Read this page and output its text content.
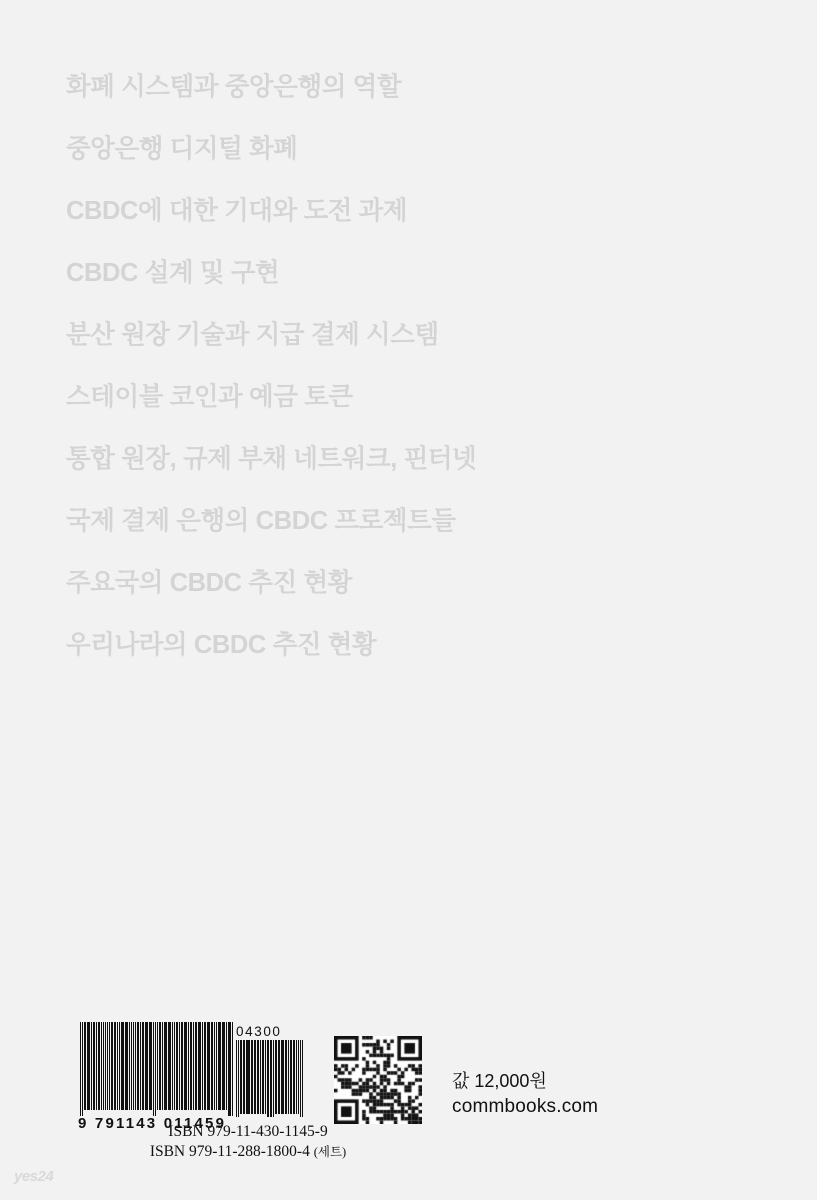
화폐 시스템과 중앙은행의 역할
중앙은행 디지털 화폐
CBDC에 대한 기대와 도전 과제
CBDC 설계 및 구현
분산 원장 기술과 지급 결제 시스템
스테이블 코인과 예금 토큰
통합 원장, 규제 부채 네트워크, 핀터넷
국제 결제 은행의 CBDC 프로젝트들
주요국의 CBDC 추진 현황
우리나라의 CBDC 추진 현황
9 791143 011459
04300
ISBN 979-11-430-1145-9
ISBN 979-11-288-1800-4 (세트)
값 12,000원
commbooks.com
yes24
